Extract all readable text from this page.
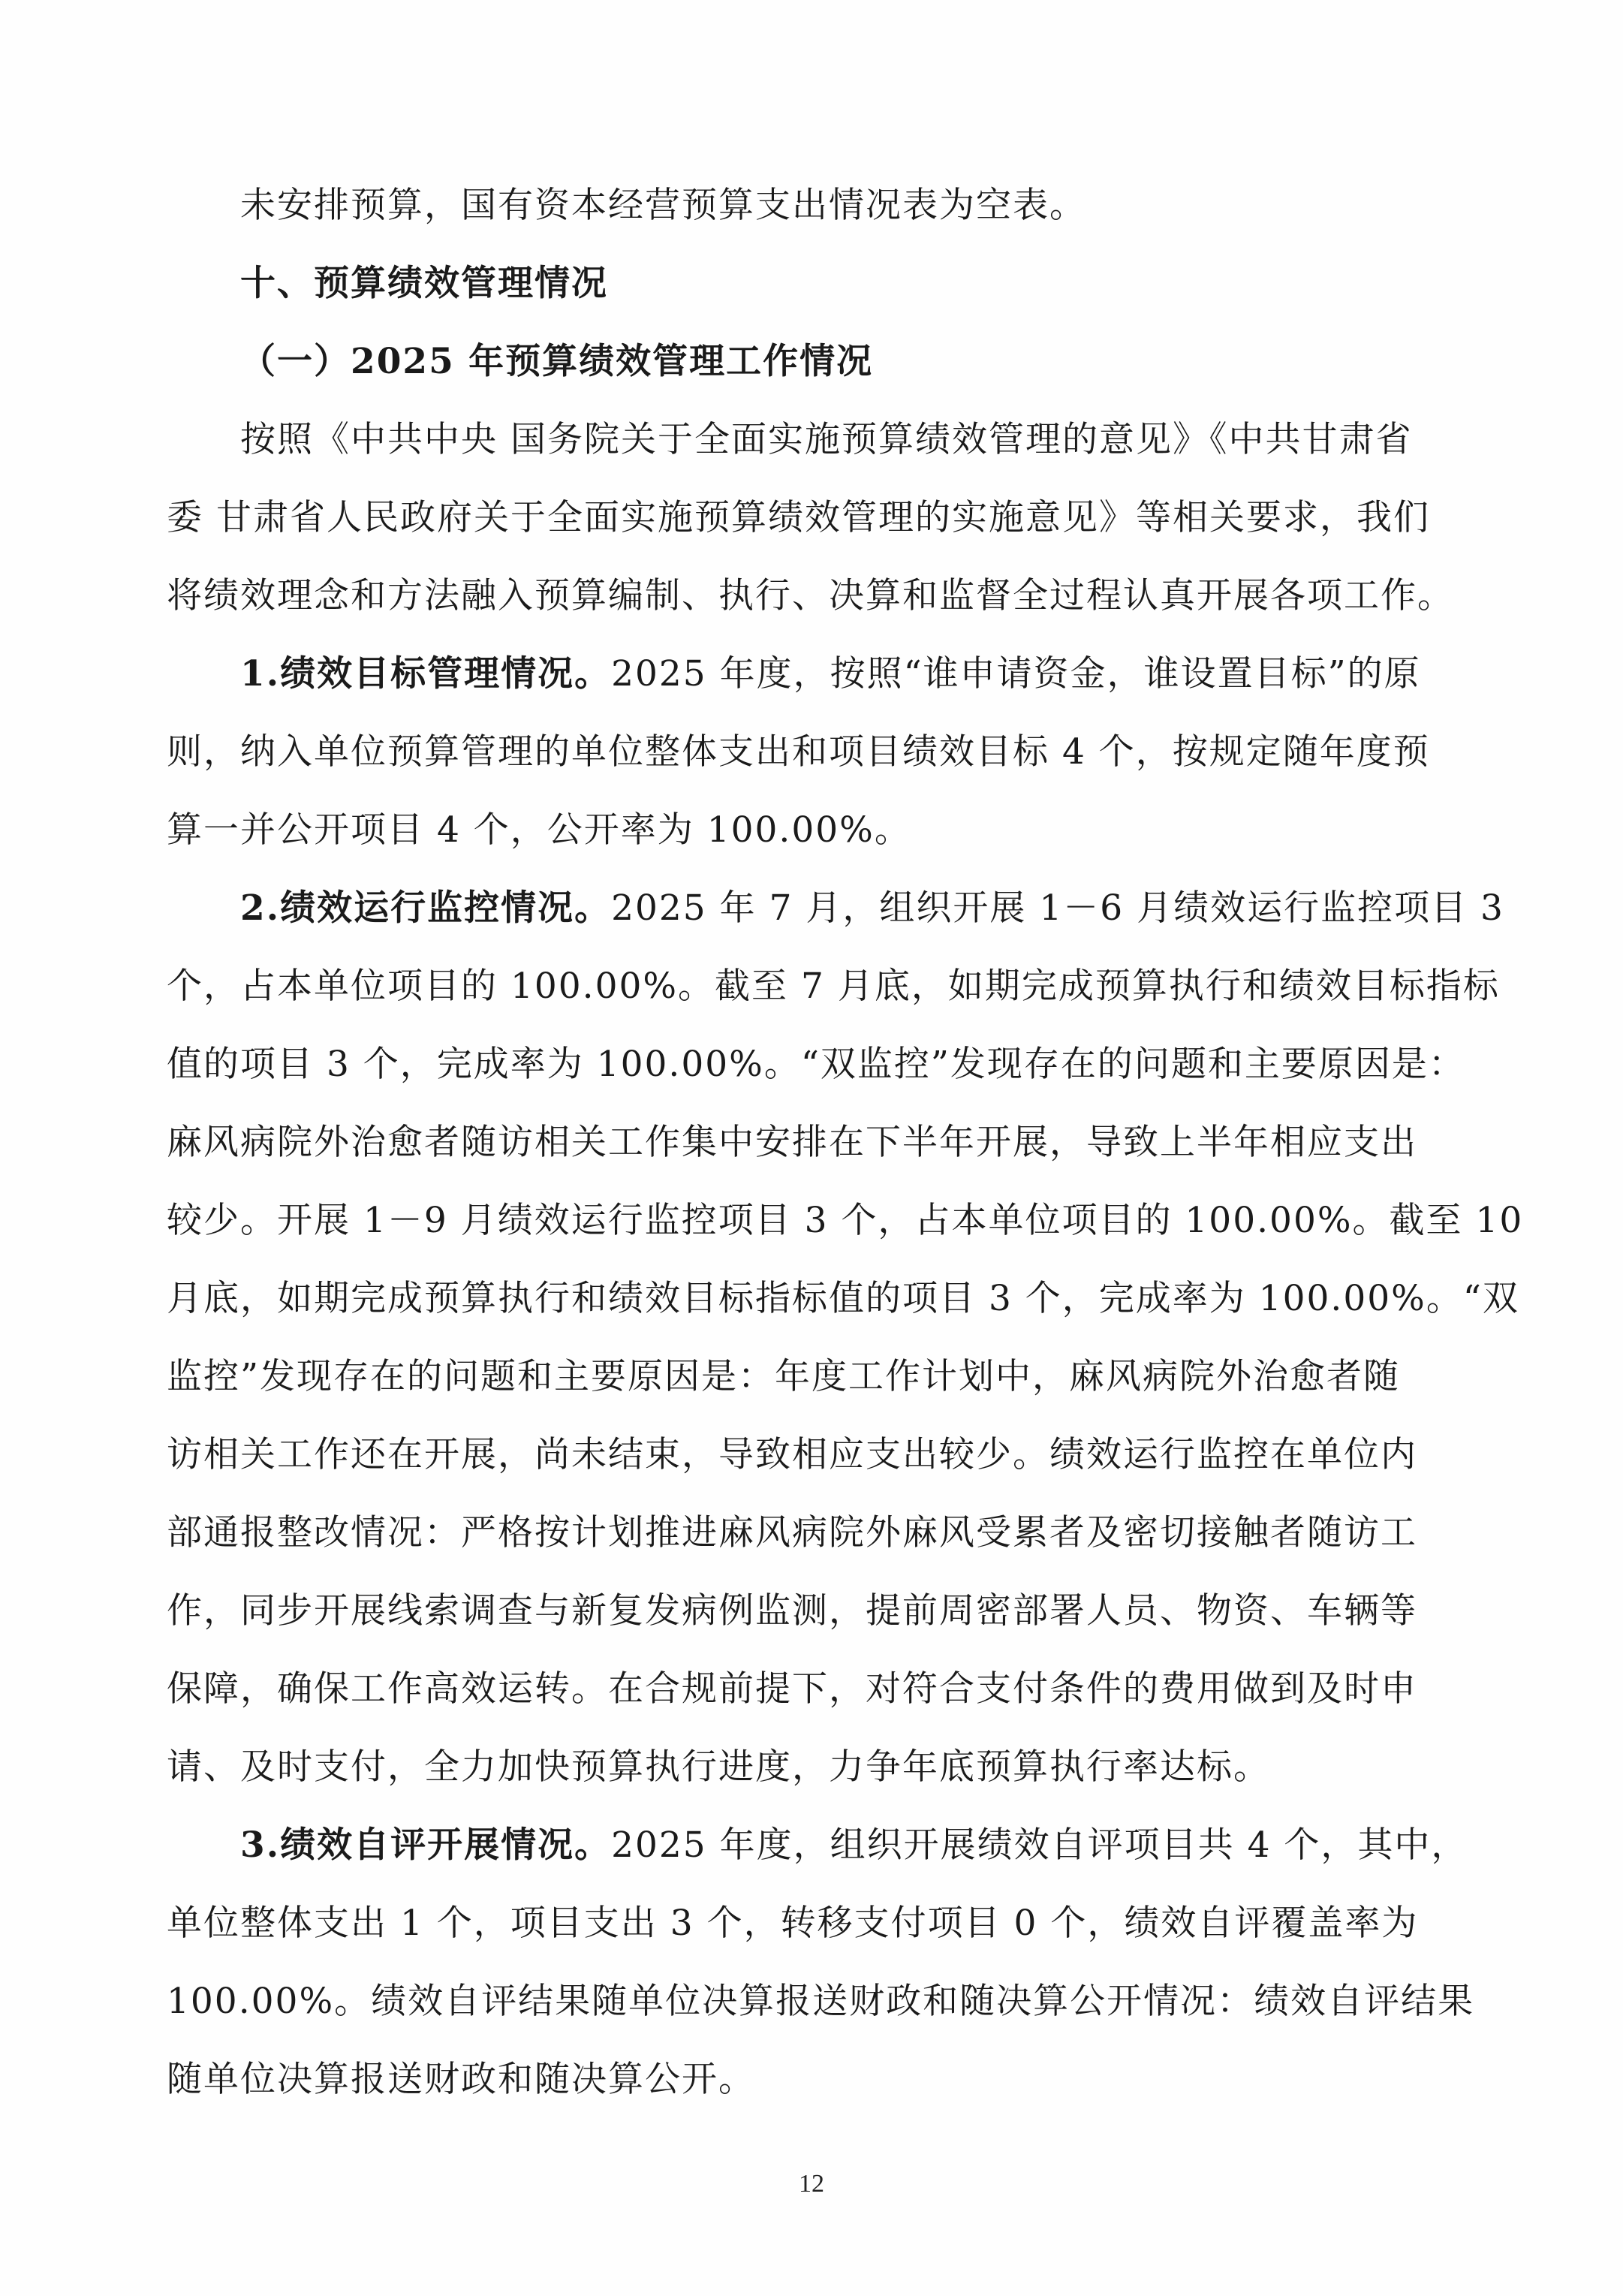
未安排预算，国有资本经营预算支出情况表为空表。
十、预算绩效管理情况
（一）2025 年预算绩效管理工作情况
按照《中共中央 国务院关于全面实施预算绩效管理的意见》《中共甘肃省
委 甘肃省人民政府关于全面实施预算绩效管理的实施意见》等相关要求，我们
将绩效理念和方法融入预算编制、执行、决算和监督全过程认真开展各项工作。
1.绩效目标管理情况。2025 年度，按照“谁申请资金，谁设置目标”的原
则，纳入单位预算管理的单位整体支出和项目绩效目标 4 个，按规定随年度预
算一并公开项目 4 个，公开率为 100.00%。
2.绩效运行监控情况。2025 年 7 月，组织开展 1－6 月绩效运行监控项目 3
个，占本单位项目的 100.00%。截至 7 月底，如期完成预算执行和绩效目标指标
值的项目 3 个，完成率为 100.00%。“双监控”发现存在的问题和主要原因是：
麻风病院外治愈者随访相关工作集中安排在下半年开展，导致上半年相应支出
较少。开展 1－9 月绩效运行监控项目 3 个，占本单位项目的 100.00%。截至 10
月底，如期完成预算执行和绩效目标指标值的项目 3 个，完成率为 100.00%。“双
监控”发现存在的问题和主要原因是：年度工作计划中，麻风病院外治愈者随
访相关工作还在开展，尚未结束，导致相应支出较少。绩效运行监控在单位内
部通报整改情况：严格按计划推进麻风病院外麻风受累者及密切接触者随访工
作，同步开展线索调查与新复发病例监测，提前周密部署人员、物资、车辆等
保障，确保工作高效运转。在合规前提下，对符合支付条件的费用做到及时申
请、及时支付，全力加快预算执行进度，力争年底预算执行率达标。
3.绩效自评开展情况。2025 年度，组织开展绩效自评项目共 4 个，其中，
单位整体支出 1 个，项目支出 3 个，转移支付项目 0 个，绩效自评覆盖率为
100.00%。绩效自评结果随单位决算报送财政和随决算公开情况：绩效自评结果
随单位决算报送财政和随决算公开。
12
